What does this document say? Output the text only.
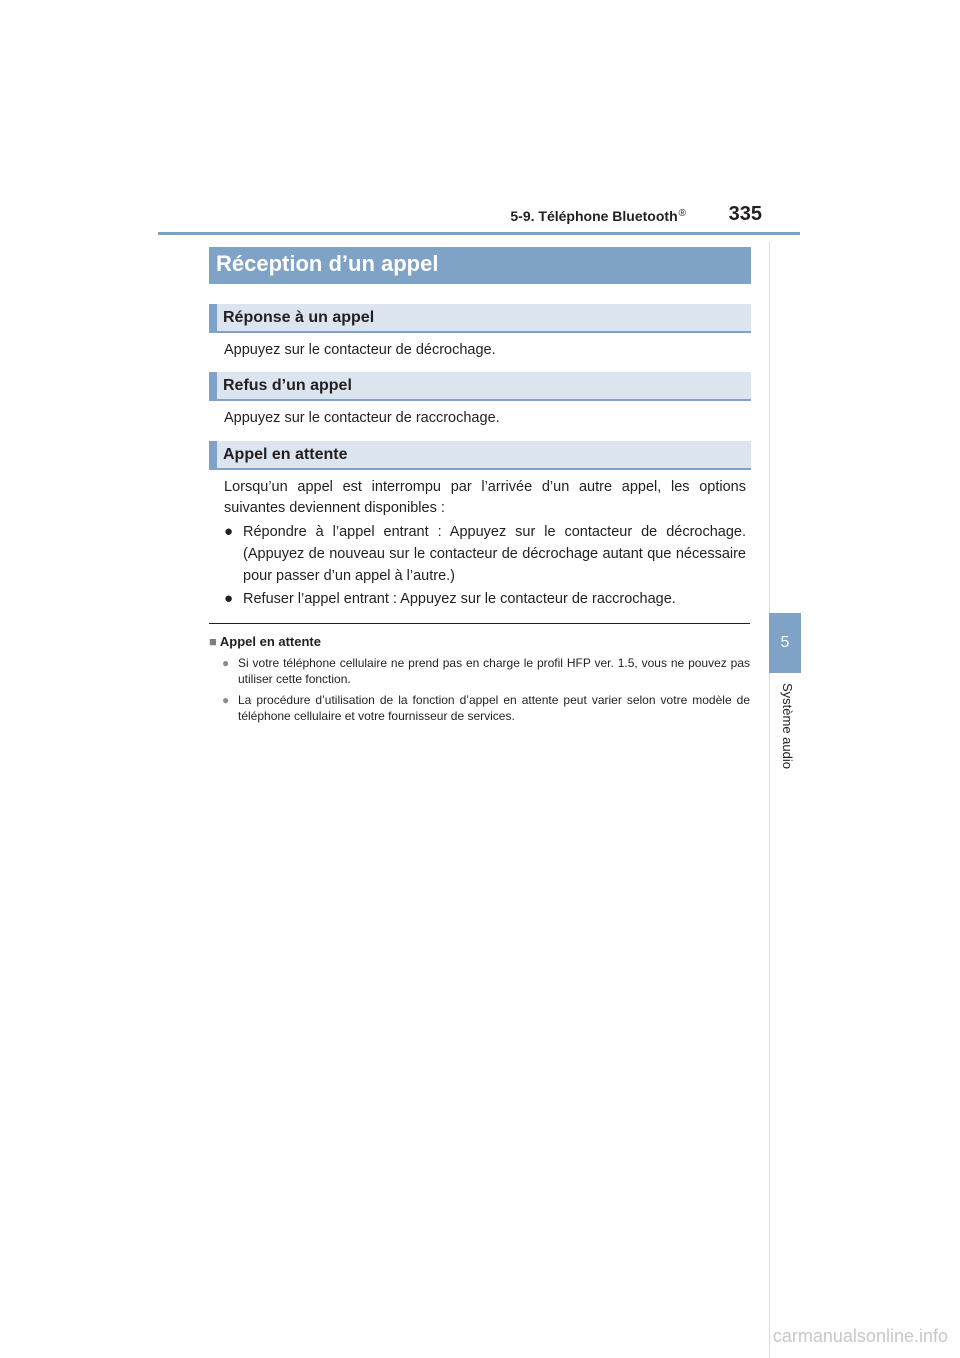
5-9. Téléphone Bluetooth®	335
5
Système audio
Réception d’un appel
Réponse à un appel
Appuyez sur le contacteur de décrochage.
Refus d’un appel
Appuyez sur le contacteur de raccrochage.
Appel en attente
Lorsqu’un appel est interrompu par l’arrivée d’un autre appel, les options suivantes deviennent disponibles :
● Répondre à l’appel entrant : Appuyez sur le contacteur de décrochage. (Appuyez de nouveau sur le contacteur de décrochage autant que nécessaire pour passer d’un appel à l’autre.)
● Refuser l’appel entrant : Appuyez sur le contacteur de raccrochage.
■ Appel en attente
● Si votre téléphone cellulaire ne prend pas en charge le profil HFP ver. 1.5, vous ne pouvez pas utiliser cette fonction.
● La procédure d’utilisation de la fonction d’appel en attente peut varier selon votre modèle de téléphone cellulaire et votre fournisseur de services.
carmanualsonline.info
